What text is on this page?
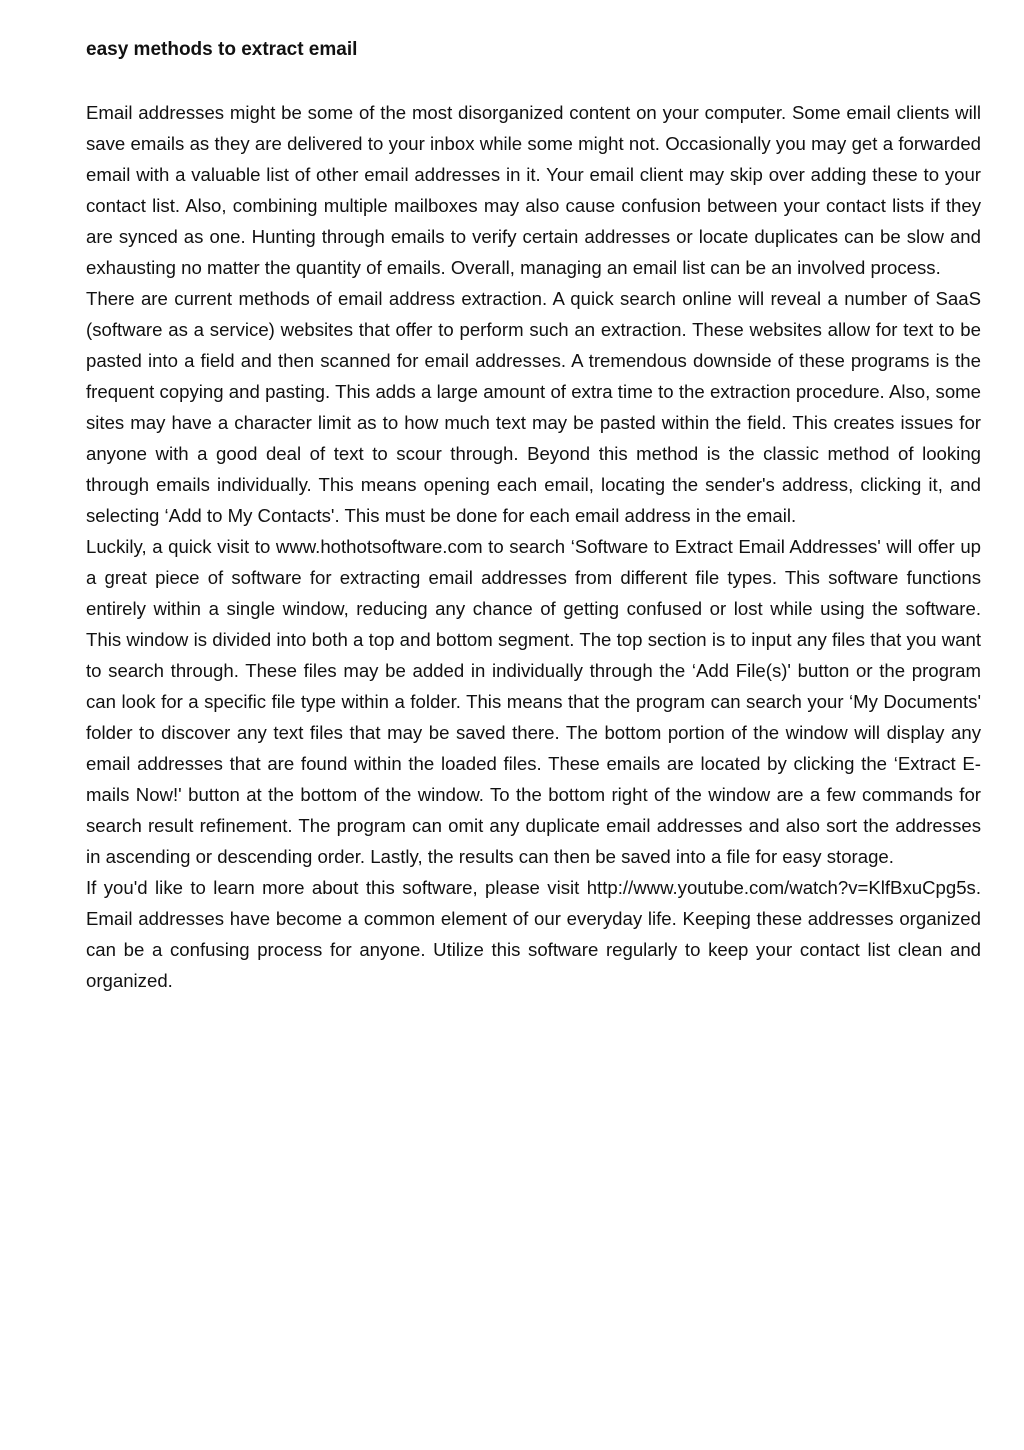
easy methods to extract email

Email addresses might be some of the most disorganized content on your computer. Some email clients will save emails as they are delivered to your inbox while some might not. Occasionally you may get a forwarded email with a valuable list of other email addresses in it. Your email client may skip over adding these to your contact list. Also, combining multiple mailboxes may also cause confusion between your contact lists if they are synced as one. Hunting through emails to verify certain addresses or locate duplicates can be slow and exhausting no matter the quantity of emails. Overall, managing an email list can be an involved process.

There are current methods of email address extraction. A quick search online will reveal a number of SaaS (software as a service) websites that offer to perform such an extraction. These websites allow for text to be pasted into a field and then scanned for email addresses. A tremendous downside of these programs is the frequent copying and pasting. This adds a large amount of extra time to the extraction procedure. Also, some sites may have a character limit as to how much text may be pasted within the field. This creates issues for anyone with a good deal of text to scour through. Beyond this method is the classic method of looking through emails individually. This means opening each email, locating the sender's address, clicking it, and selecting ‘Add to My Contacts'. This must be done for each email address in the email.

Luckily, a quick visit to www.hothotsoftware.com to search ‘Software to Extract Email Addresses' will offer up a great piece of software for extracting email addresses from different file types. This software functions entirely within a single window, reducing any chance of getting confused or lost while using the software. This window is divided into both a top and bottom segment. The top section is to input any files that you want to search through. These files may be added in individually through the ‘Add File(s)' button or the program can look for a specific file type within a folder. This means that the program can search your ‘My Documents' folder to discover any text files that may be saved there. The bottom portion of the window will display any email addresses that are found within the loaded files. These emails are located by clicking the ‘Extract E-mails Now!' button at the bottom of the window. To the bottom right of the window are a few commands for search result refinement. The program can omit any duplicate email addresses and also sort the addresses in ascending or descending order. Lastly, the results can then be saved into a file for easy storage.

If you'd like to learn more about this software, please visit http://www.youtube.com/watch?v=KlfBxuCpg5s. Email addresses have become a common element of our everyday life. Keeping these addresses organized can be a confusing process for anyone. Utilize this software regularly to keep your contact list clean and organized.
